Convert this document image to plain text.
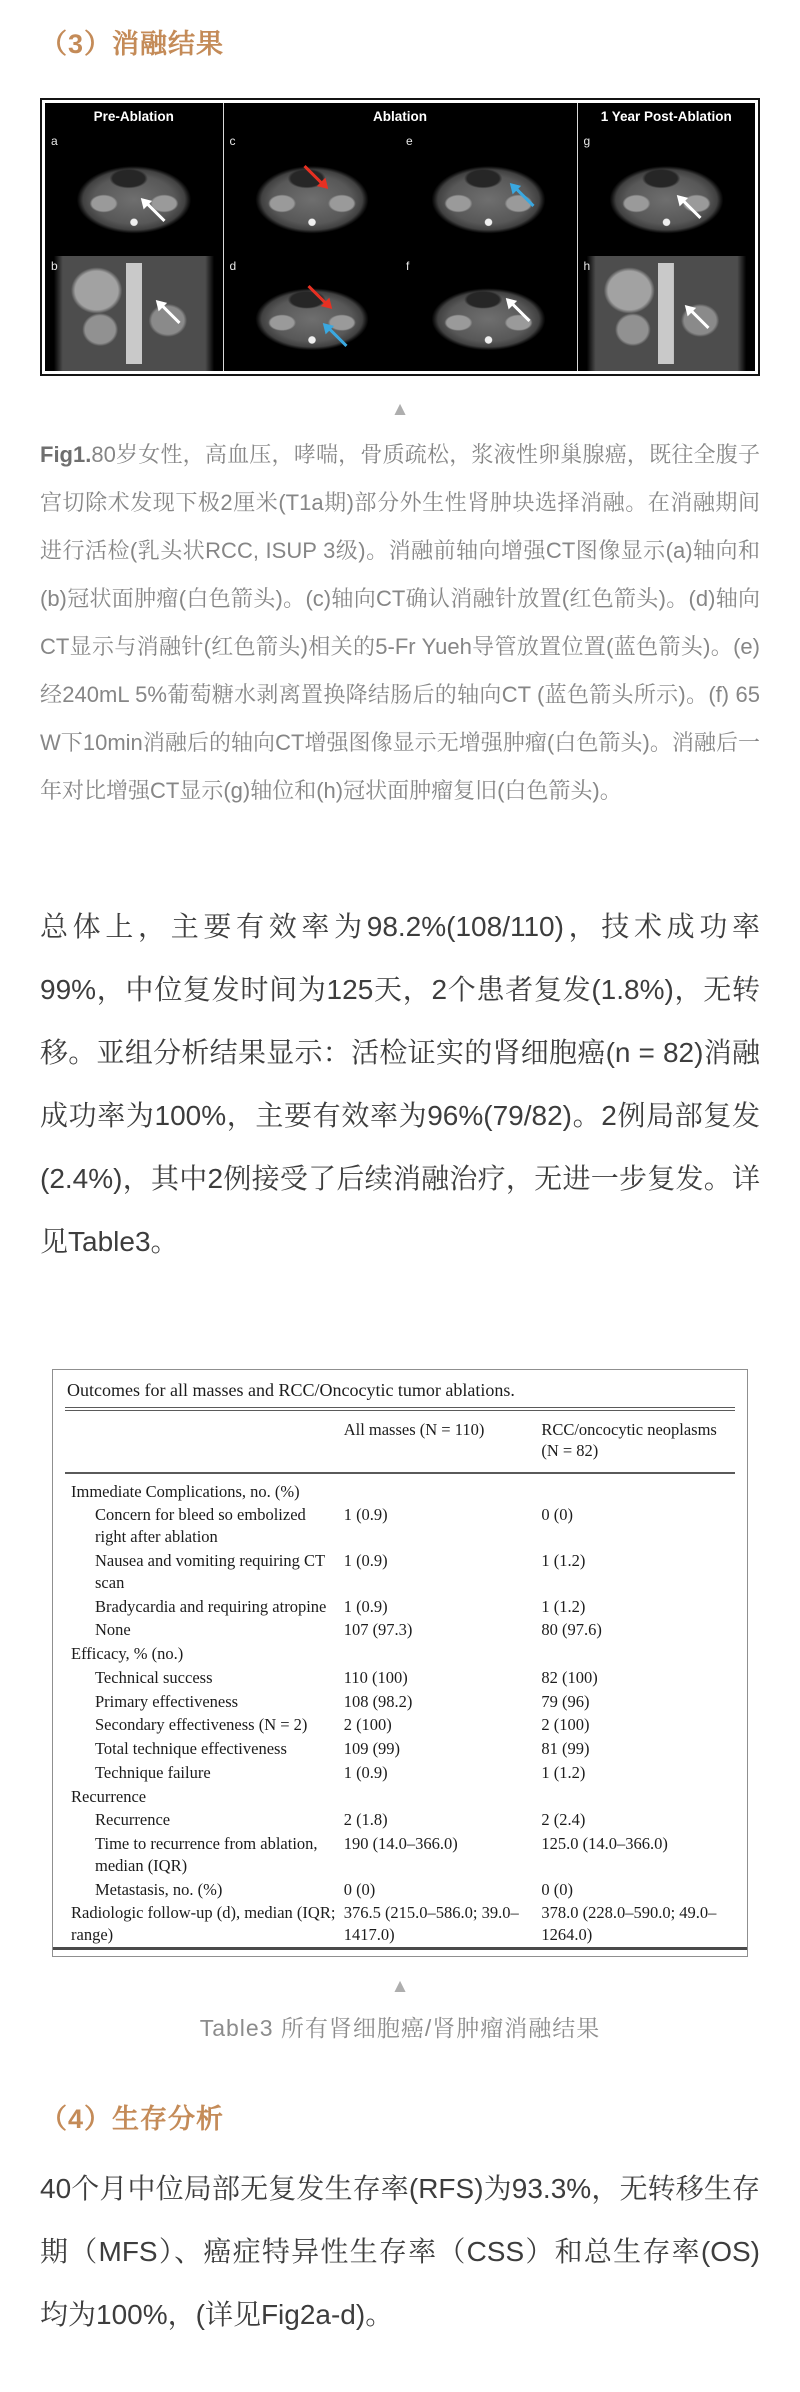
（3）消融结果
Pre-Ablation
a
b
Ablation
c	e
d	f
1 Year Post-Ablation
g
h
▲

Fig1.80岁女性，高血压，哮喘，骨质疏松，浆液性卵巢腺癌，既往全腹子宫切除术发现下极2厘米(T1a期)部分外生性肾肿块选择消融。在消融期间进行活检(乳头状RCC, ISUP 3级)。消融前轴向增强CT图像显示(a)轴向和(b)冠状面肿瘤(白色箭头)。(c)轴向CT确认消融针放置(红色箭头)。(d)轴向CT显示与消融针(红色箭头)相关的5-Fr Yueh导管放置位置(蓝色箭头)。(e)经240mL 5%葡萄糖水剥离置换降结肠后的轴向CT (蓝色箭头所示)。(f) 65 W下10min消融后的轴向CT增强图像显示无增强肿瘤(白色箭头)。消融后一年对比增强CT显示(g)轴位和(h)冠状面肿瘤复旧(白色箭头)。

总体上，主要有效率为98.2%(108/110)，技术成功率99%，中位复发时间为125天，2个患者复发(1.8%)，无转移。亚组分析结果显示：活检证实的肾细胞癌(n = 82)消融成功率为100%，主要有效率为96%(79/82)。2例局部复发(2.4%)，其中2例接受了后续消融治疗，无进一步复发。详见Table3。

Outcomes for all masses and RCC/Oncocytic tumor ablations.
	All masses (N = 110)	RCC/oncocytic neoplasms (N = 82)
Immediate Complications, no. (%)		
Concern for bleed so embolized right after ablation	1 (0.9)	0 (0)
Nausea and vomiting requiring CT scan	1 (0.9)	1 (1.2)
Bradycardia and requiring atropine	1 (0.9)	1 (1.2)
None	107 (97.3)	80 (97.6)
Efficacy, % (no.)		
Technical success	110 (100)	82 (100)
Primary effectiveness	108 (98.2)	79 (96)
Secondary effectiveness (N = 2)	2 (100)	2 (100)
Total technique effectiveness	109 (99)	81 (99)
Technique failure	1 (0.9)	1 (1.2)
Recurrence		
Recurrence	2 (1.8)	2 (2.4)
Time to recurrence from ablation, median (IQR)	190 (14.0–366.0)	125.0 (14.0–366.0)
Metastasis, no. (%)	0 (0)	0 (0)
Radiologic follow-up (d), median (IQR; range)	376.5 (215.0–586.0; 39.0–1417.0)	378.0 (228.0–590.0; 49.0–1264.0)
▲

Table3 所有肾细胞癌/肾肿瘤消融结果

（4）生存分析

40个月中位局部无复发生存率(RFS)为93.3%，无转移生存期（MFS）、癌症特异性生存率（CSS）和总生存率(OS)均为100%，(详见Fig2a-d)。
